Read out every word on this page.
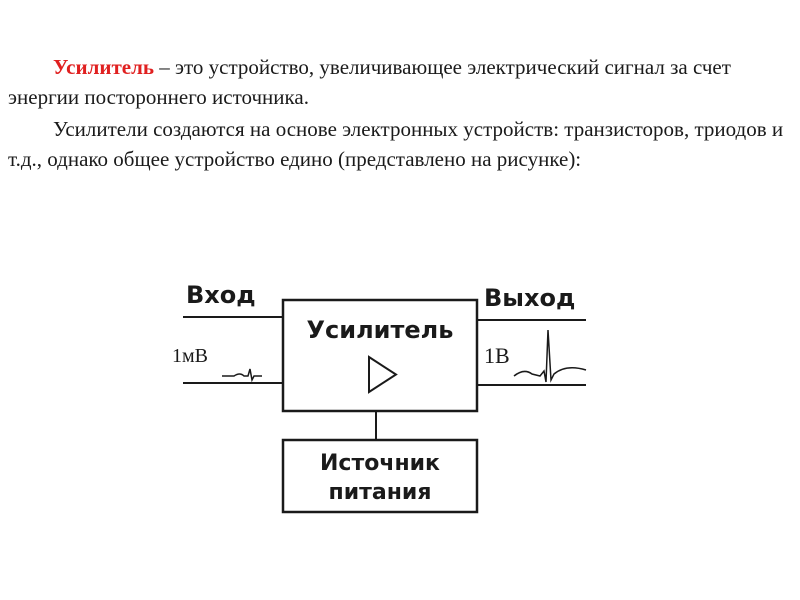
Усилитель – это устройство, увеличивающее электрический сигнал за счет энергии постороннего источника.

Усилители создаются на основе электронных устройств: транзисторов, триодов и т.д., однако общее устройство едино (представлено на рисунке):

Вход	Выход
Усилитель
1мВ	1В
Источник
питания
